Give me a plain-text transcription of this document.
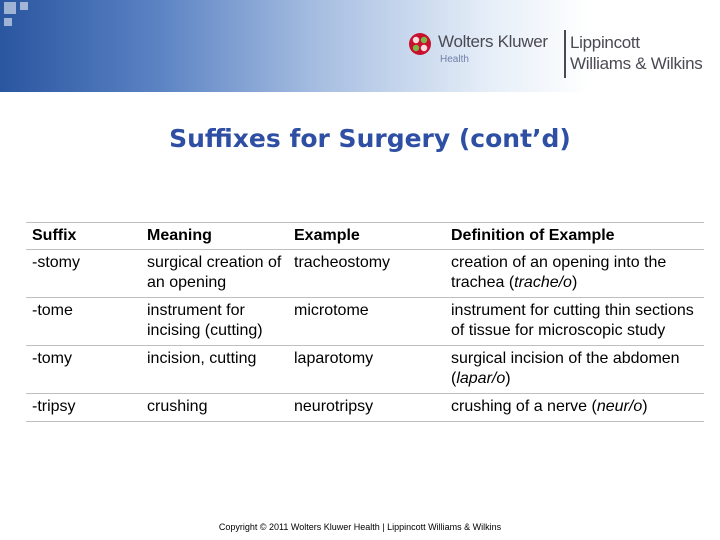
Wolters Kluwer
Health
Lippincott
Williams & Wilkins
Suffixes for Surgery (cont’d)
Suffix	Meaning	Example	Definition of Example
-stomy	surgical creation of an opening	tracheostomy	creation of an opening into the trachea (trache/o)
-tome	instrument for incising (cutting)	microtome	instrument for cutting thin sections of tissue for microscopic study
-tomy	incision, cutting	laparotomy	surgical incision of the abdomen (lapar/o)
-tripsy	crushing	neurotripsy	crushing of a nerve (neur/o)
Copyright © 2011 Wolters Kluwer Health | Lippincott Williams & Wilkins
